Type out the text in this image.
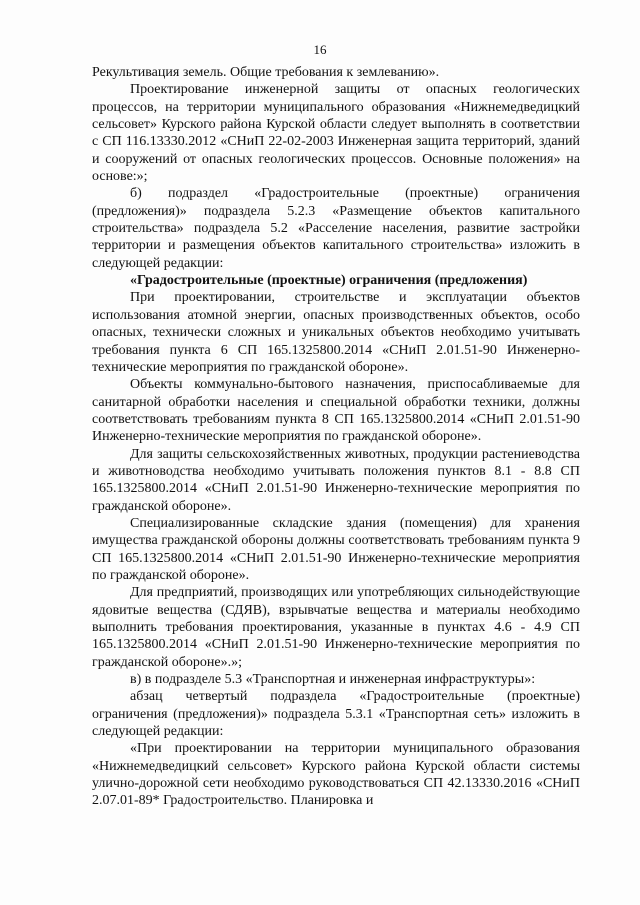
16

Рекультивация земель. Общие требования к землеванию».

Проектирование инженерной защиты от опасных геологических процессов, на территории муниципального образования «Нижнемедведицкий сельсовет» Курского района Курской области следует выполнять в соответствии с СП 116.13330.2012 «СНиП 22-02-2003 Инженерная защита территорий, зданий и сооружений от опасных геологических процессов. Основные положения» на основе:»;

б) подраздел «Градостроительные (проектные) ограничения (предложения)» подраздела 5.2.3 «Размещение объектов капитального строительства» подраздела 5.2 «Расселение населения, развитие застройки территории и размещения объектов капитального строительства» изложить в следующей редакции:

«Градостроительные (проектные) ограничения (предложения)

При проектировании, строительстве и эксплуатации объектов использования атомной энергии, опасных производственных объектов, особо опасных, технически сложных и уникальных объектов необходимо учитывать требования пункта 6 СП 165.1325800.2014 «СНиП 2.01.51-90 Инженерно-технические мероприятия по гражданской обороне».

Объекты коммунально-бытового назначения, приспосабливаемые для санитарной обработки населения и специальной обработки техники, должны соответствовать требованиям пункта 8 СП 165.1325800.2014 «СНиП 2.01.51-90 Инженерно-технические мероприятия по гражданской обороне».

Для защиты сельскохозяйственных животных, продукции растениеводства и животноводства необходимо учитывать положения пунктов 8.1 - 8.8 СП 165.1325800.2014 «СНиП 2.01.51-90 Инженерно-технические мероприятия по гражданской обороне».

Специализированные складские здания (помещения) для хранения имущества гражданской обороны должны соответствовать требованиям пункта 9 СП 165.1325800.2014 «СНиП 2.01.51-90 Инженерно-технические мероприятия по гражданской обороне».

Для предприятий, производящих или употребляющих сильнодействующие ядовитые вещества (СДЯВ), взрывчатые вещества и материалы необходимо выполнить требования проектирования, указанные в пунктах 4.6 - 4.9 СП 165.1325800.2014 «СНиП 2.01.51-90 Инженерно-технические мероприятия по гражданской обороне».»;

в) в подразделе 5.3 «Транспортная и инженерная инфраструктуры»:

абзац четвертый подраздела «Градостроительные (проектные) ограничения (предложения)» подраздела 5.3.1 «Транспортная сеть» изложить в следующей редакции:

«При проектировании на территории муниципального образования «Нижнемедведицкий сельсовет» Курского района Курской области системы улично-дорожной сети необходимо руководствоваться СП 42.13330.2016 «СНиП 2.07.01-89* Градостроительство. Планировка и
